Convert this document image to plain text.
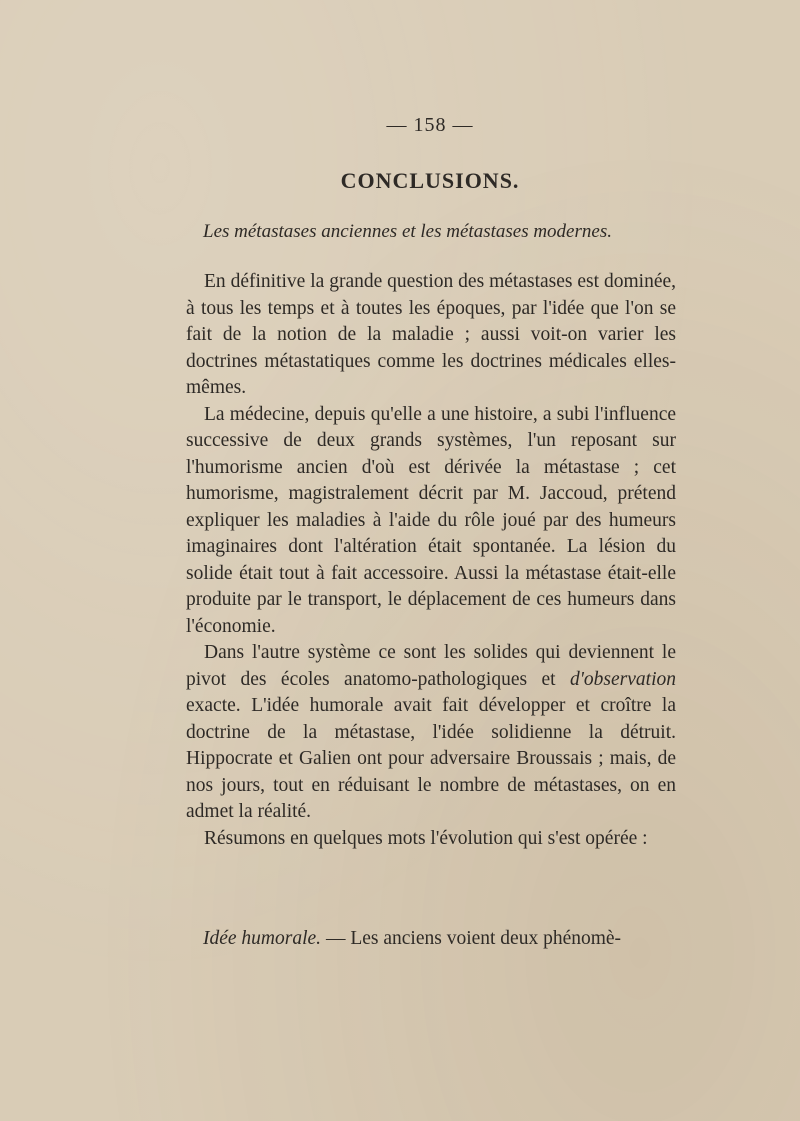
— 158 —
CONCLUSIONS.
Les métastases anciennes et les métastases modernes.

En définitive la grande question des métastases est dominée, à tous les temps et à toutes les époques, par l'idée que l'on se fait de la notion de la maladie ; aussi voit-on varier les doctrines métastatiques comme les doctrines médicales elles-mêmes.

La médecine, depuis qu'elle a une histoire, a subi l'influence successive de deux grands systèmes, l'un reposant sur l'humorisme ancien d'où est dérivée la métastase ; cet humorisme, magistralement décrit par M. Jaccoud, prétend expliquer les maladies à l'aide du rôle joué par des humeurs imaginaires dont l'altération était spontanée. La lésion du solide était tout à fait accessoire. Aussi la métastase était-elle produite par le transport, le déplacement de ces humeurs dans l'économie.

Dans l'autre système ce sont les solides qui deviennent le pivot des écoles anatomo-pathologiques et d'observation exacte. L'idée humorale avait fait développer et croître la doctrine de la métastase, l'idée solidienne la détruit. Hippocrate et Galien ont pour adversaire Broussais ; mais, de nos jours, tout en réduisant le nombre de métastases, on en admet la réalité.

Résumons en quelques mots l'évolution qui s'est opérée :

Idée humorale. — Les anciens voient deux phénomè-
